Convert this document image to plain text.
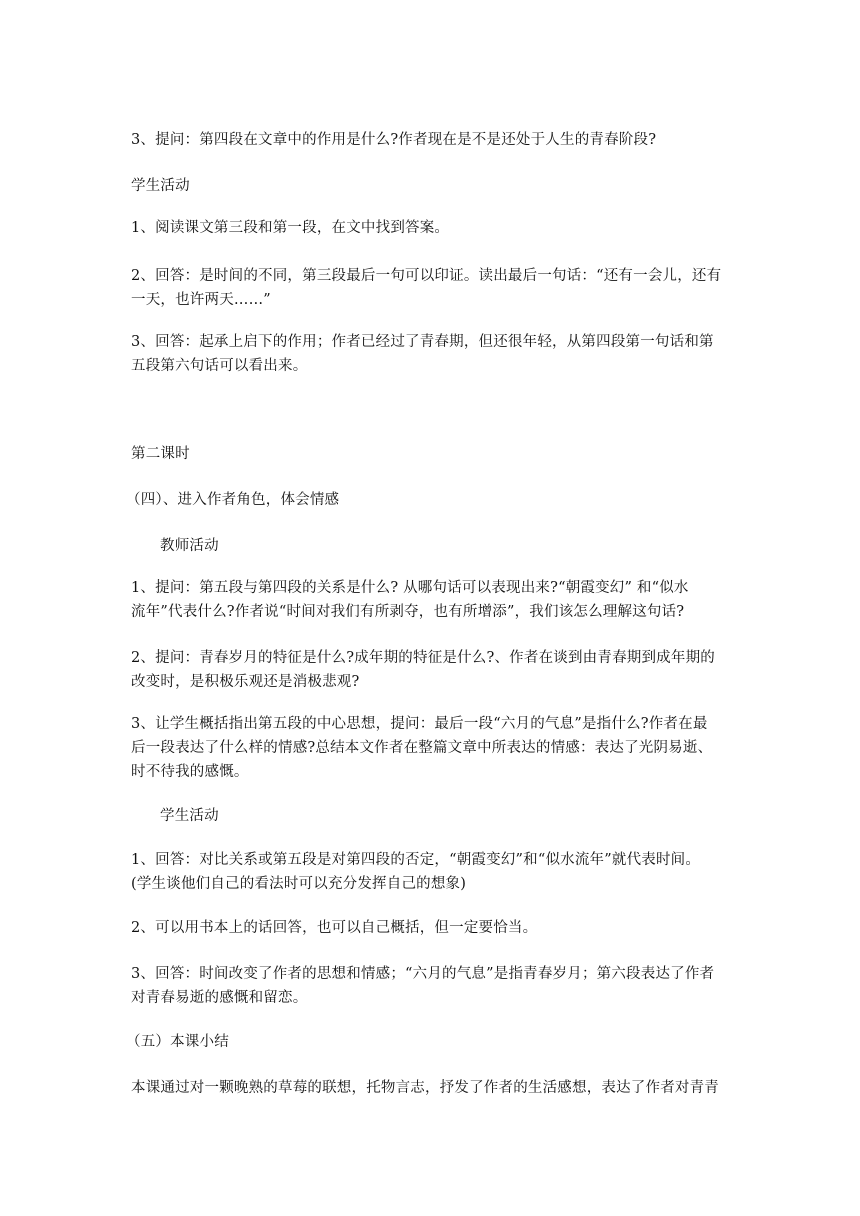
3、提问：第四段在文章中的作用是什么?作者现在是不是还处于人生的青春阶段?
学生活动
1、阅读课文第三段和第一段，在文中找到答案。
2、回答：是时间的不同，第三段最后一句可以印证。读出最后一句话：“还有一会儿，还有
一天，也许两天……”
3、回答：起承上启下的作用；作者已经过了青春期，但还很年轻，从第四段第一句话和第
五段第六句话可以看出来。
第二课时
（四）、进入作者角色，体会情感
教师活动
1、提问：第五段与第四段的关系是什么? 从哪句话可以表现出来?“朝霞变幻” 和“似水
流年”代表什么?作者说“时间对我们有所剥夺，也有所增添”，我们该怎么理解这句话?
2、提问：青春岁月的特征是什么?成年期的特征是什么?、作者在谈到由青春期到成年期的
改变时，是积极乐观还是消极悲观?
3、让学生概括指出第五段的中心思想，提问：最后一段“六月的气息”是指什么?作者在最
后一段表达了什么样的情感?总结本文作者在整篇文章中所表达的情感：表达了光阴易逝、
时不待我的感慨。
学生活动
1、回答：对比关系或第五段是对第四段的否定，“朝霞变幻”和“似水流年”就代表时间。
(学生谈他们自己的看法时可以充分发挥自己的想象)
2、可以用书本上的话回答，也可以自己概括，但一定要恰当。
3、回答：时间改变了作者的思想和情感；“六月的气息”是指青春岁月；第六段表达了作者
对青春易逝的感慨和留恋。
（五）本课小结
本课通过对一颗晚熟的草莓的联想，托物言志，抒发了作者的生活感想，表达了作者对青青
